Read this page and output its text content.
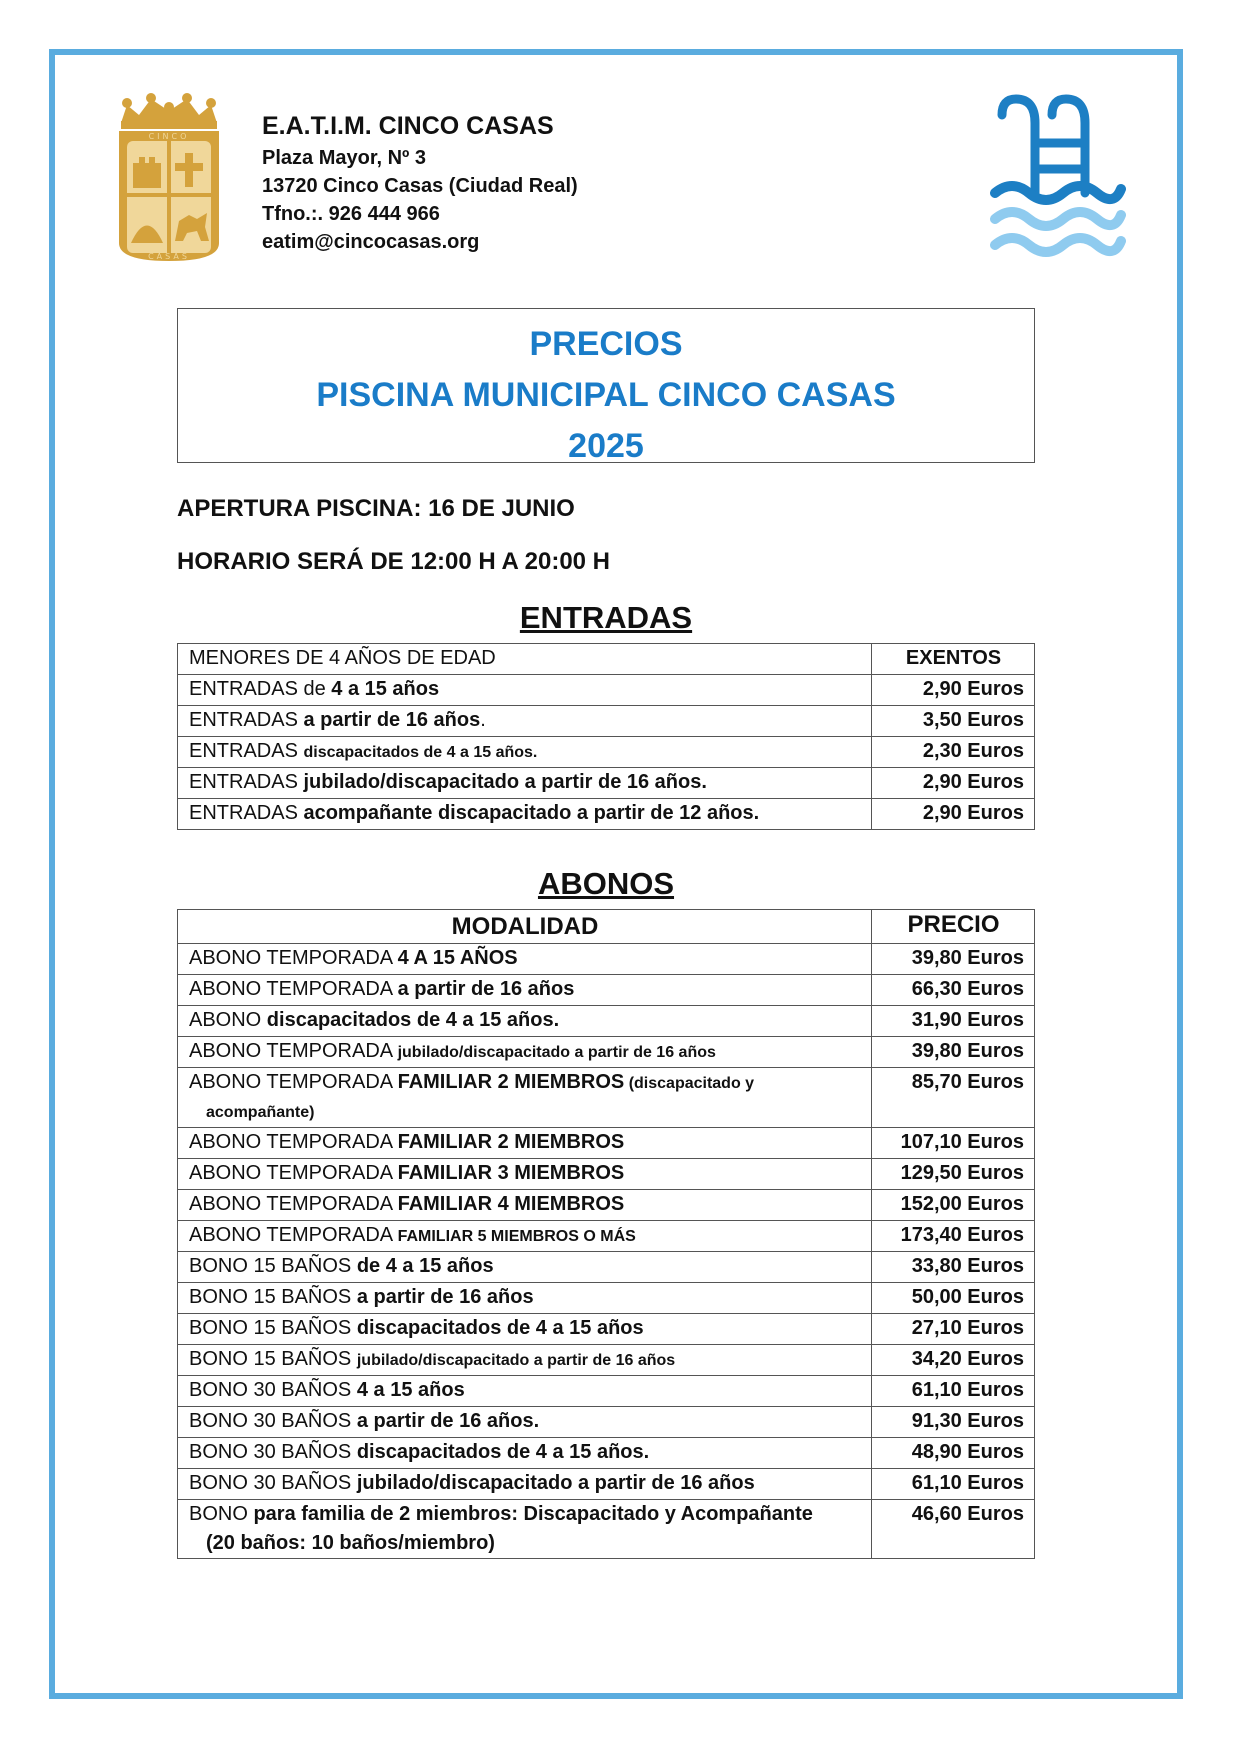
CINCO
CASAS
E.A.T.I.M. CINCO CASAS
Plaza Mayor, Nº 3
13720 Cinco Casas (Ciudad Real)
Tfno.:. 926 444 966
eatim@cincocasas.org
PRECIOS
PISCINA MUNICIPAL CINCO CASAS
2025
APERTURA PISCINA: 16 DE JUNIO
HORARIO SERÁ DE 12:00 H A 20:00 H
ENTRADAS
MENORES DE 4 AÑOS DE EDAD	EXENTOS
ENTRADAS de 4 a 15 años	2,90 Euros
ENTRADAS a partir de 16 años.	3,50 Euros
ENTRADAS discapacitados de 4 a 15 años.	2,30 Euros
ENTRADAS jubilado/discapacitado a partir de 16 años.	2,90 Euros
ENTRADAS acompañante discapacitado a partir de 12 años.	2,90 Euros
ABONOS
MODALIDAD	PRECIO
ABONO TEMPORADA 4 A 15 AÑOS	39,80 Euros
ABONO TEMPORADA a partir de 16 años	66,30 Euros
ABONO discapacitados de 4 a 15 años.	31,90 Euros
ABONO TEMPORADA jubilado/discapacitado a partir de 16 años	39,80 Euros
ABONO TEMPORADA FAMILIAR 2 MIEMBROS (discapacitado y
acompañante)	85,70 Euros
ABONO TEMPORADA FAMILIAR 2 MIEMBROS	107,10 Euros
ABONO TEMPORADA FAMILIAR 3 MIEMBROS	129,50 Euros
ABONO TEMPORADA FAMILIAR 4 MIEMBROS	152,00 Euros
ABONO TEMPORADA FAMILIAR 5 MIEMBROS O MÁS	173,40 Euros
BONO 15 BAÑOS de 4 a 15 años	33,80 Euros
BONO 15 BAÑOS a partir de 16 años	50,00 Euros
BONO 15 BAÑOS discapacitados de 4 a 15 años	27,10 Euros
BONO 15 BAÑOS jubilado/discapacitado a partir de 16 años	34,20 Euros
BONO 30 BAÑOS 4 a 15 años	61,10 Euros
BONO 30 BAÑOS a partir de 16 años.	91,30 Euros
BONO 30 BAÑOS discapacitados de 4 a 15 años.	48,90 Euros
BONO 30 BAÑOS jubilado/discapacitado a partir de 16 años	61,10 Euros
BONO para familia de 2 miembros: Discapacitado y Acompañante
(20 baños: 10 baños/miembro)	46,60 Euros
